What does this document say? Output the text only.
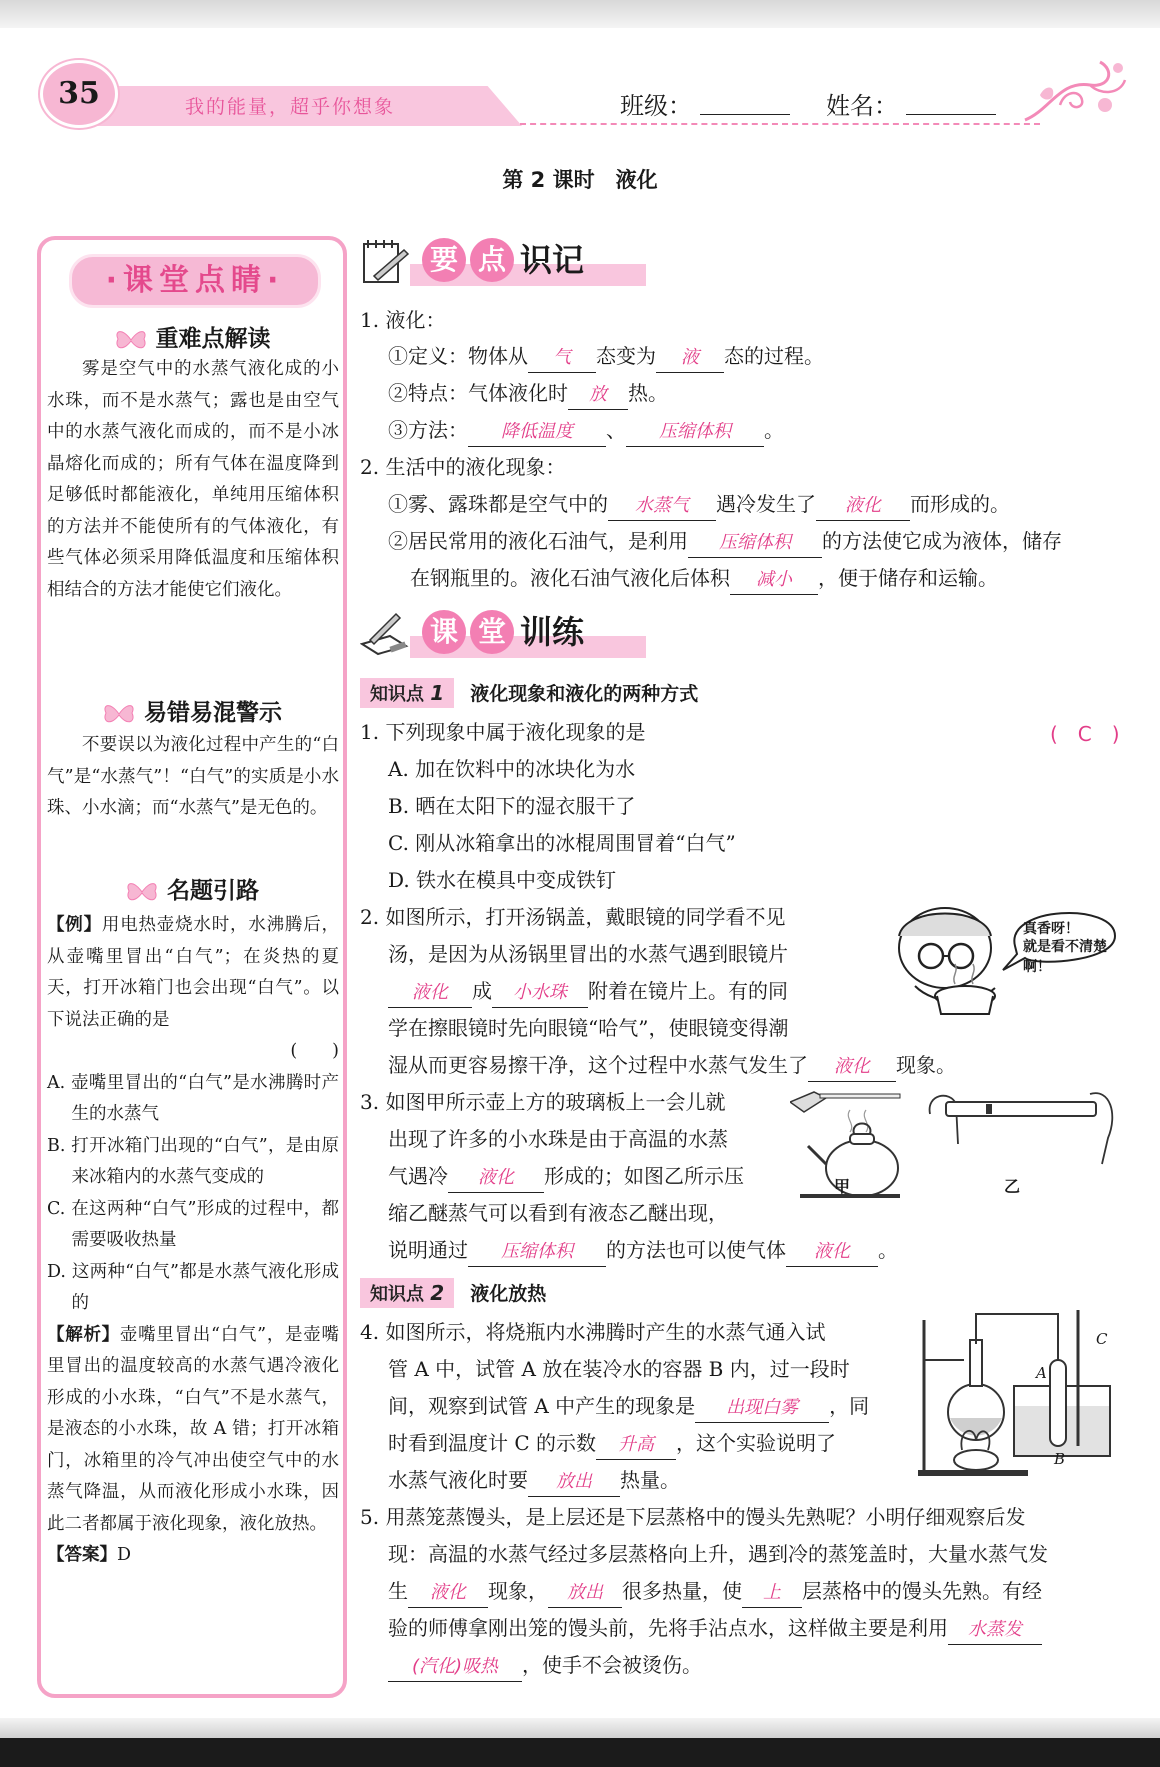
我的能量，超乎你想象
35	班级：	姓名：
第 2 课时　液化
·课堂点睛·
重难点解读

雾是空气中的水蒸气液化成的小水珠，而不是水蒸气；露也是由空气中的水蒸气液化而成的，而不是小冰晶熔化而成的；所有气体在温度降到足够低时都能液化，单纯用压缩体积的方法并不能使所有的气体液化，有些气体必须采用降低温度和压缩体积相结合的方法才能使它们液化。

易错易混警示

不要误以为液化过程中产生的“白气”是“水蒸气”！“白气”的实质是小水珠、小水滴；而“水蒸气”是无色的。

名题引路

【例】用电热壶烧水时，水沸腾后，从壶嘴里冒出“白气”；在炎热的夏天，打开冰箱门也会出现“白气”。以下说法正确的是

(　　)

A. 壶嘴里冒出的“白气”是水沸腾时产生的水蒸气

B. 打开冰箱门出现的“白气”，是由原来冰箱内的水蒸气变成的

C. 在这两种“白气”形成的过程中，都需要吸收热量

D. 这两种“白气”都是水蒸气液化形成的

【解析】壶嘴里冒出“白气”，是壶嘴里冒出的温度较高的水蒸气遇冷液化形成的小水珠，“白气”不是水蒸气，是液态的小水珠，故 A 错；打开冰箱门，冰箱里的冷气冲出使空气中的水蒸气降温，从而液化形成小水珠，因此二者都属于液化现象，液化放热。

【答案】D

要 点 识记
1. 液化：
①定义：物体从 气 态变为 液 态的过程。
②特点：气体液化时 放 热。
③方法： 降低温度 、 压缩体积 。
2. 生活中的液化现象：
①雾、露珠都是空气中的 水蒸气 遇冷发生了 液化 而形成的。
②居民常用的液化石油气，是利用 压缩体积 的方法使它成为液体，储存
在钢瓶里的。液化石油气液化后体积 减小 ，便于储存和运输。
课 堂 训练
知识点 1 液化现象和液化的两种方式
1. 下列现象中属于液化现象的是	(　C　)
A. 加在饮料中的冰块化为水
B. 晒在太阳下的湿衣服干了
C. 刚从冰箱拿出的冰棍周围冒着“白气”
D. 铁水在模具中变成铁钉
2. 如图所示，打开汤锅盖，戴眼镜的同学看不见
汤，是因为从汤锅里冒出的水蒸气遇到眼镜片
液化 成 小水珠 附着在镜片上。有的同
学在擦眼镜时先向眼镜“哈气”，使眼镜变得潮
湿从而更容易擦干净，这个过程中水蒸气发生了 液化 现象。
真香呀！
就是看不清楚啊！
3. 如图甲所示壶上方的玻璃板上一会儿就
出现了许多的小水珠是由于高温的水蒸
气遇冷 液化 形成的；如图乙所示压
缩乙醚蒸气可以看到有液态乙醚出现，
说明通过 压缩体积 的方法也可以使气体 液化 。
甲	乙
知识点 2 液化放热
4. 如图所示，将烧瓶内水沸腾时产生的水蒸气通入试
管 A 中，试管 A 放在装冷水的容器 B 内，过一段时
间，观察到试管 A 中产生的现象是 出现白雾 ，同
时看到温度计 C 的示数 升高 ，这个实验说明了
水蒸气液化时要 放出 热量。
A
B
C
5. 用蒸笼蒸馒头，是上层还是下层蒸格中的馒头先熟呢？小明仔细观察后发
现：高温的水蒸气经过多层蒸格向上升，遇到冷的蒸笼盖时，大量水蒸气发
生 液化 现象， 放出 很多热量，使 上 层蒸格中的馒头先熟。有经
验的师傅拿刚出笼的馒头前，先将手沾点水，这样做主要是利用 水蒸发
(汽化)吸热 ，使手不会被烫伤。
